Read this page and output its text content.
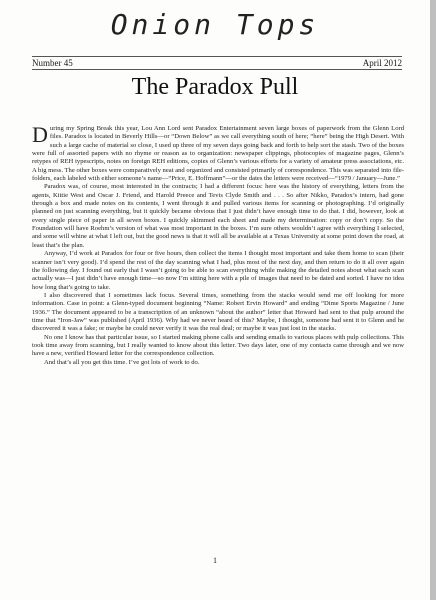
Onion Tops
Number 45	April 2012
The Paradox Pull

During my Spring Break this year, Lou Ann Lord sent Paradox Entertainment seven large boxes of paperwork from the Glenn Lord files. Paradox is located in Beverly Hills—or “Down Below” as we call everything south of here; “here” being the High Desert. With such a large cache of material so close, I used up three of my seven days going back and forth to help sort the stash. Two of the boxes were full of assorted papers with no rhyme or reason as to organization: newspaper clippings, photocopies of magazine pages, Glenn’s retypes of REH typescripts, notes on foreign REH editions, copies of Glenn’s various efforts for a variety of amateur press associations, etc. A big mess. The other boxes were comparatively neat and organized and consisted primarily of correspondence. This was separated into file-folders, each labeled with either someone’s name—“Price, E. Hoffmann”—or the dates the letters were received—“1979 / January—June.”

Paradox was, of course, most interested in the contracts; I had a different focus: here was the history of everything, letters from the agents, Kittie West and Oscar J. Friend, and Harold Preece and Tevis Clyde Smith and . . . So after Nikko, Paradox’s intern, had gone through a box and made notes on its contents, I went through it and pulled various items for scanning or photographing. I’d originally planned on just scanning everything, but it quickly became obvious that I just didn’t have enough time to do that. I did, however, look at every single piece of paper in all seven boxes. I quickly skimmed each sheet and made my determination: copy or don’t copy. So the Foundation will have Roehm’s version of what was most important in the boxes. I’m sure others wouldn’t agree with everything I selected, and some will whine at what I left out, but the good news is that it will all be available at a Texas University at some point down the road, at least that’s the plan.

Anyway, I’d work at Paradox for four or five hours, then collect the items I thought most important and take them home to scan (their scanner isn’t very good). I’d spend the rest of the day scanning what I had, plus most of the next day, and then return to do it all over again the following day. I found out early that I wasn’t going to be able to scan everything while making the detailed notes about what each scan actually was—I just didn’t have enough time—so now I’m sitting here with a pile of images that need to be dated and sorted. I have no idea how long that’s going to take.

I also discovered that I sometimes lack focus. Several times, something from the stacks would send me off looking for more information. Case in point: a Glenn-typed document beginning “Name: Robert Ervin Howard” and ending “Dime Sports Magazine / June 1936.” The document appeared to be a transcription of an unknown “about the author” letter that Howard had sent to that pulp around the time that “Iron-Jaw” was published (April 1936). Why had we never heard of this? Maybe, I thought, someone had sent it to Glenn and he discovered it was a fake; or maybe he could never verify it was the real deal; or maybe it was just lost in the stacks.

No one I know has that particular issue, so I started making phone calls and sending emails to various places with pulp collections. This took time away from scanning, but I really wanted to know about this letter. Two days later, one of my contacts came through and we now have a new, verified Howard letter for the correspondence collection.

And that’s all you get this time. I’ve got lots of work to do.

1
